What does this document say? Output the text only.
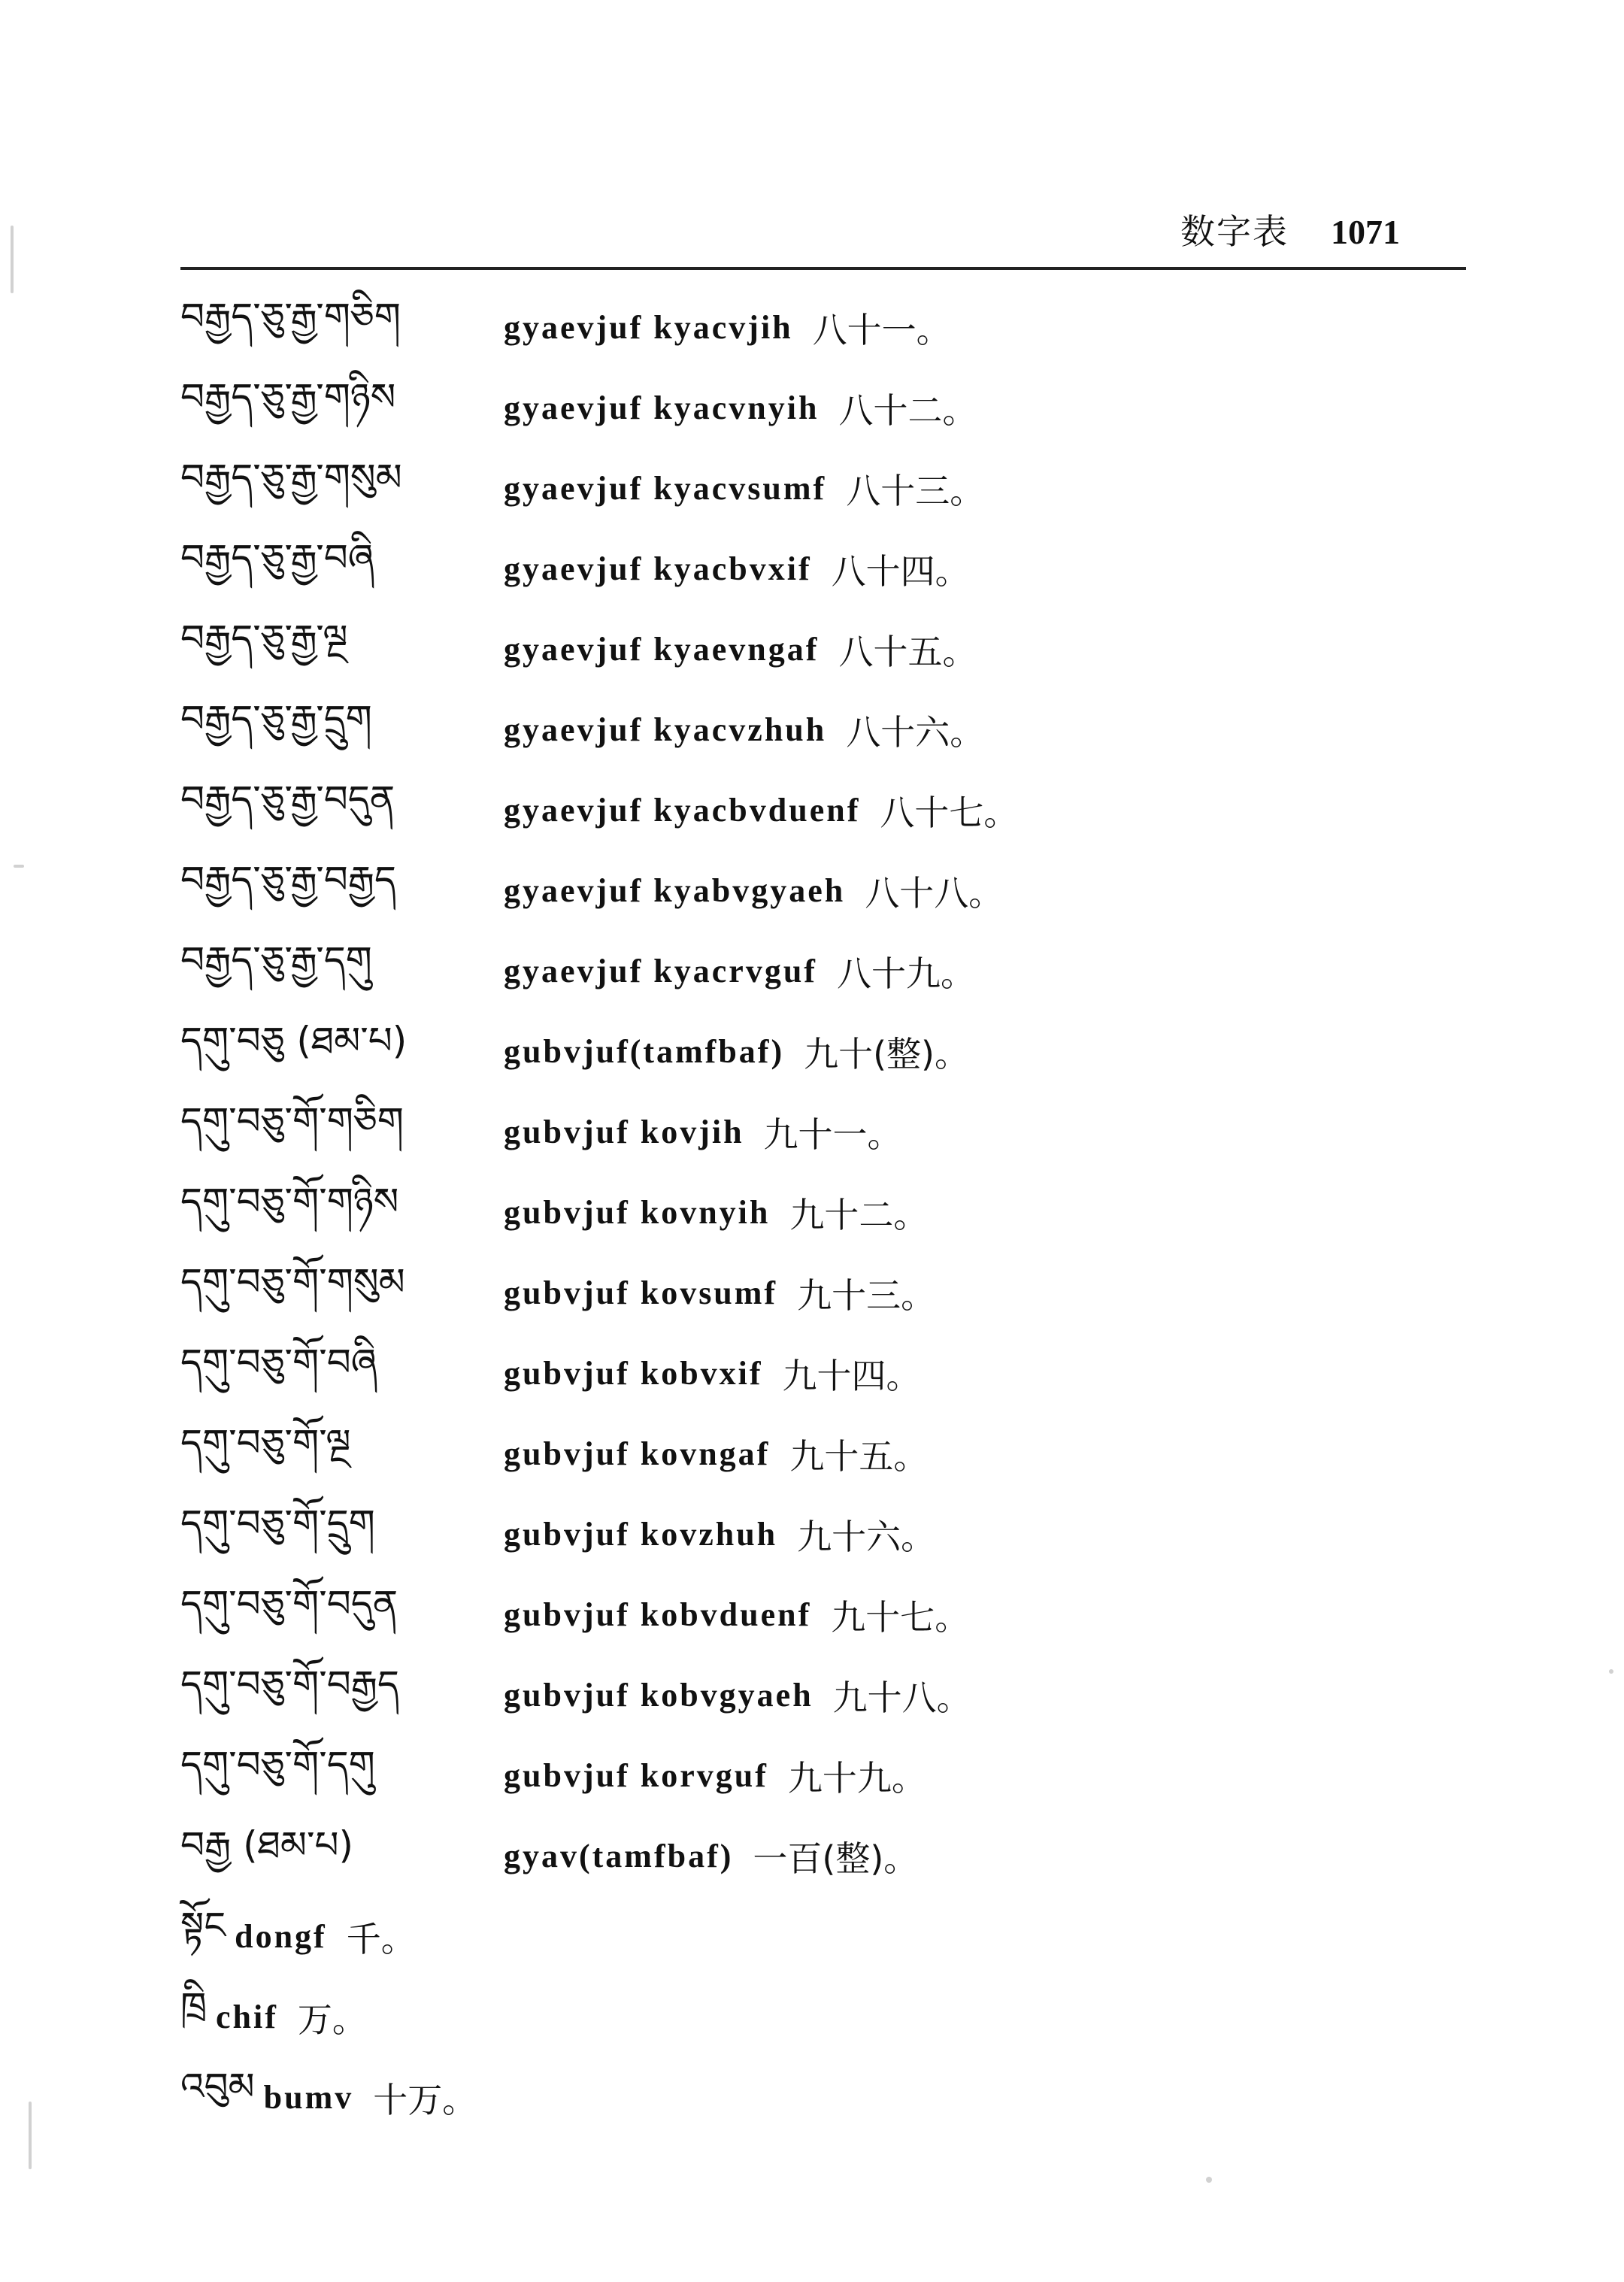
数字表 1071
བརྒྱད་ཅུ་རྒྱ་གཅིག	gyaevjuf kyacvjih 八十一。
བརྒྱད་ཅུ་རྒྱ་གཉིས	gyaevjuf kyacvnyih 八十二。
བརྒྱད་ཅུ་རྒྱ་གསུམ	gyaevjuf kyacvsumf 八十三。
བརྒྱད་ཅུ་རྒྱ་བཞི	gyaevjuf kyacbvxif 八十四。
བརྒྱད་ཅུ་རྒྱ་ལྔ	gyaevjuf kyaevngaf 八十五。
བརྒྱད་ཅུ་རྒྱ་དྲུག	gyaevjuf kyacvzhuh 八十六。
བརྒྱད་ཅུ་རྒྱ་བདུན	gyaevjuf kyacbvduenf 八十七。
བརྒྱད་ཅུ་རྒྱ་བརྒྱད	gyaevjuf kyabvgyaeh 八十八。
བརྒྱད་ཅུ་རྒྱ་དགུ	gyaevjuf kyacrvguf 八十九。
དགུ་བཅུ (ཐམ་པ)	gubvjuf(tamfbaf) 九十(整)。
དགུ་བཅུ་གོ་གཅིག	gubvjuf kovjih 九十一。
དགུ་བཅུ་གོ་གཉིས	gubvjuf kovnyih 九十二。
དགུ་བཅུ་གོ་གསུམ	gubvjuf kovsumf 九十三。
དགུ་བཅུ་གོ་བཞི	gubvjuf kobvxif 九十四。
དགུ་བཅུ་གོ་ལྔ	gubvjuf kovngaf 九十五。
དགུ་བཅུ་གོ་དྲུག	gubvjuf kovzhuh 九十六。
དགུ་བཅུ་གོ་བདུན	gubvjuf kobvduenf 九十七。
དགུ་བཅུ་གོ་བརྒྱད	gubvjuf kobvgyaeh 九十八。
དགུ་བཅུ་གོ་དགུ	gubvjuf korvguf 九十九。
བརྒྱ (ཐམ་པ)	gyav(tamfbaf) 一百(整)。
སྟོང dongf 千。
ཁྲི chif 万。
འབུམ bumv 十万。
